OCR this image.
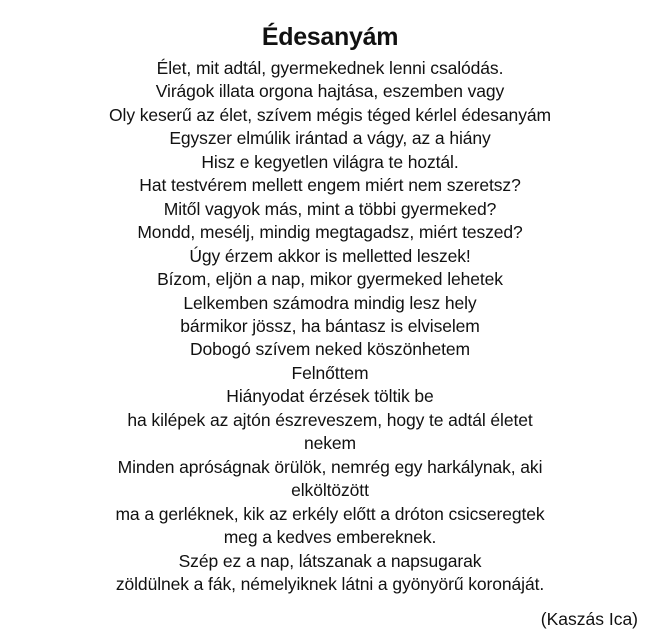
Édesanyám
Élet, mit adtál, gyermekednek lenni csalódás.
Virágok illata orgona hajtása, eszemben vagy
Oly keserű az élet, szívem mégis téged kérlel édesanyám
Egyszer elmúlik irántad a vágy, az a hiány
Hisz e kegyetlen világra te hoztál.
Hat testvérem mellett engem miért nem szeretsz?
Mitől vagyok más, mint a többi gyermeked?
Mondd, mesélj, mindig megtagadsz, miért teszed?
Úgy érzem akkor is melletted leszek!
Bízom, eljön a nap, mikor gyermeked lehetek
Lelkemben számodra mindig lesz hely
bármikor jössz, ha bántasz is elviselem
Dobogó szívem neked köszönhetem
Felnőttem
Hiányodat érzések töltik be
ha kilépek az ajtón észreveszem, hogy te adtál életet
nekem
Minden apróságnak örülök, nemrég egy harkálynak, aki
elköltözött
ma a gerléknek, kik az erkély előtt a dróton csicseregtek
meg a kedves embereknek.
Szép ez a nap, látszanak a napsugarak
zöldülnek a fák, némelyiknek látni a gyönyörű koronáját.
(Kaszás Ica)
